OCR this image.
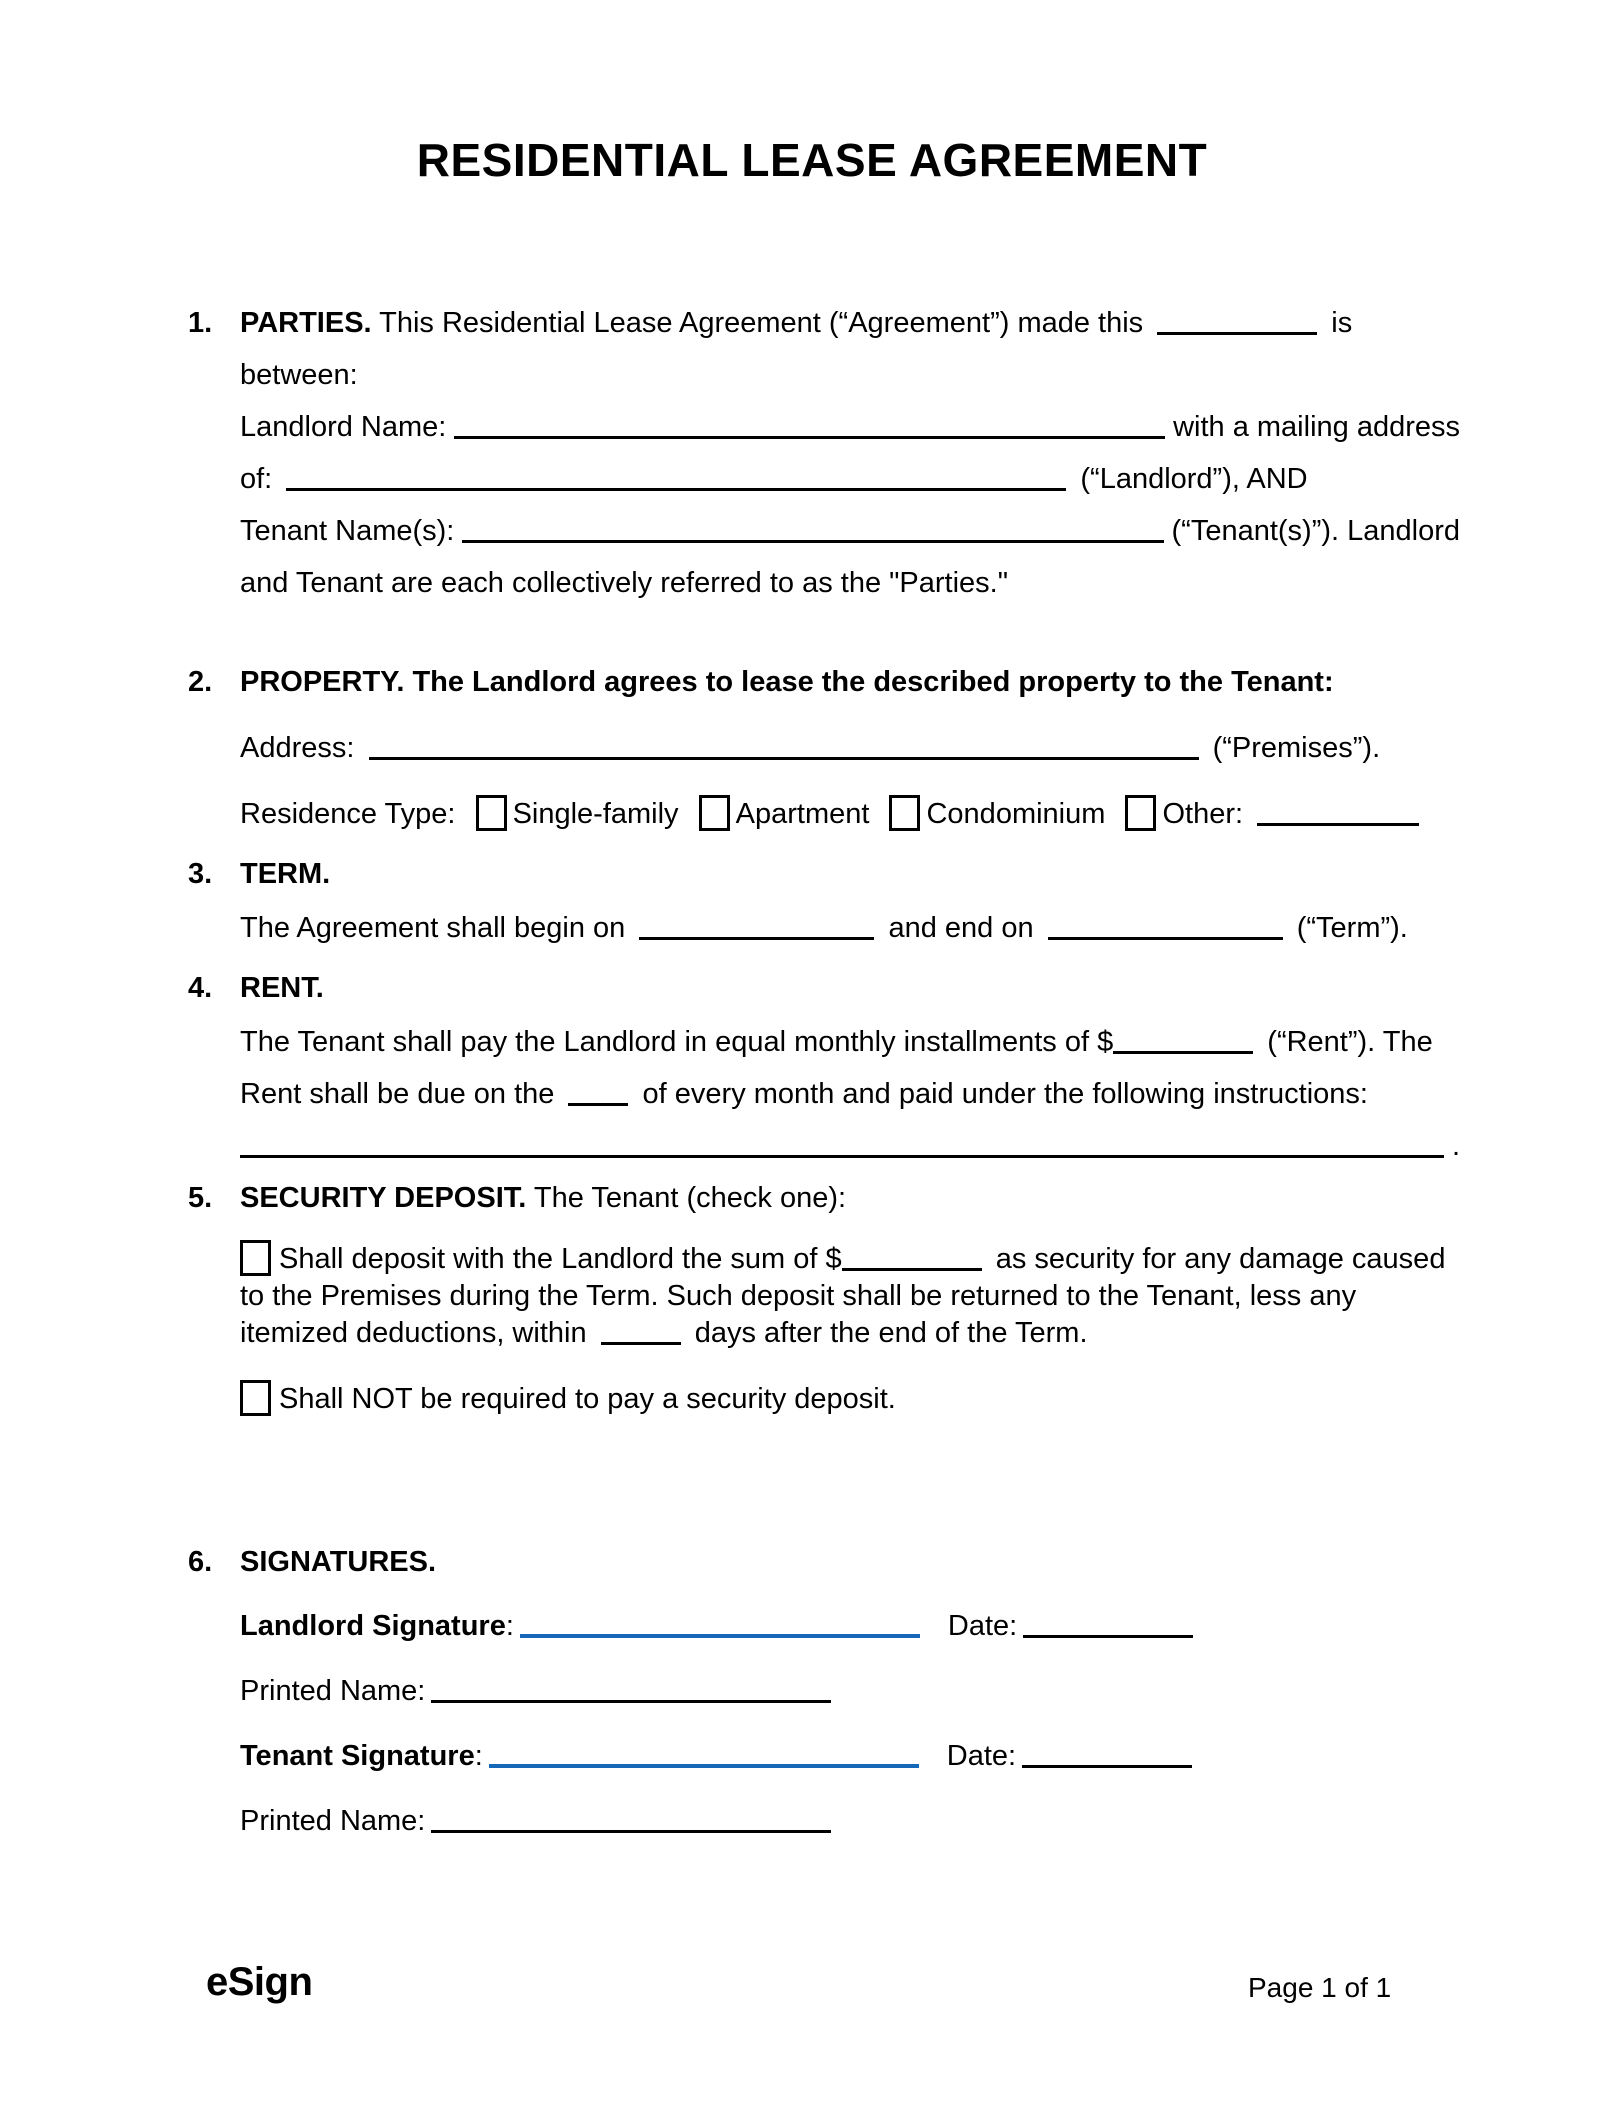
RESIDENTIAL LEASE AGREEMENT
1. PARTIES. This Residential Lease Agreement (“Agreement”) made this	is between:
Landlord Name:	with a mailing address
of:	(“Landlord”), AND
Tenant Name(s):	(“Tenant(s)”). Landlord
and Tenant are each collectively referred to as the "Parties."
2. PROPERTY. The Landlord agrees to lease the described property to the Tenant:
Address:	(“Premises”).
Residence Type: Single-family Apartment Condominium Other:
3. TERM.
The Agreement shall begin on	and end on	(“Term”).
4. RENT.
The Tenant shall pay the Landlord in equal monthly installments of $	(“Rent”). The
Rent shall be due on the	of every month and paid under the following instructions:
.
5. SECURITY DEPOSIT. The Tenant (check one):
Shall deposit with the Landlord the sum of $	as security for any damage caused to the Premises during the Term. Such deposit shall be returned to the Tenant, less any itemized deductions, within	days after the end of the Term.
Shall NOT be required to pay a security deposit.
6. SIGNATURES.
Landlord Signature :	Date:
Printed Name:
Tenant Signature :	Date:
Printed Name:
eSign	Page 1 of 1
